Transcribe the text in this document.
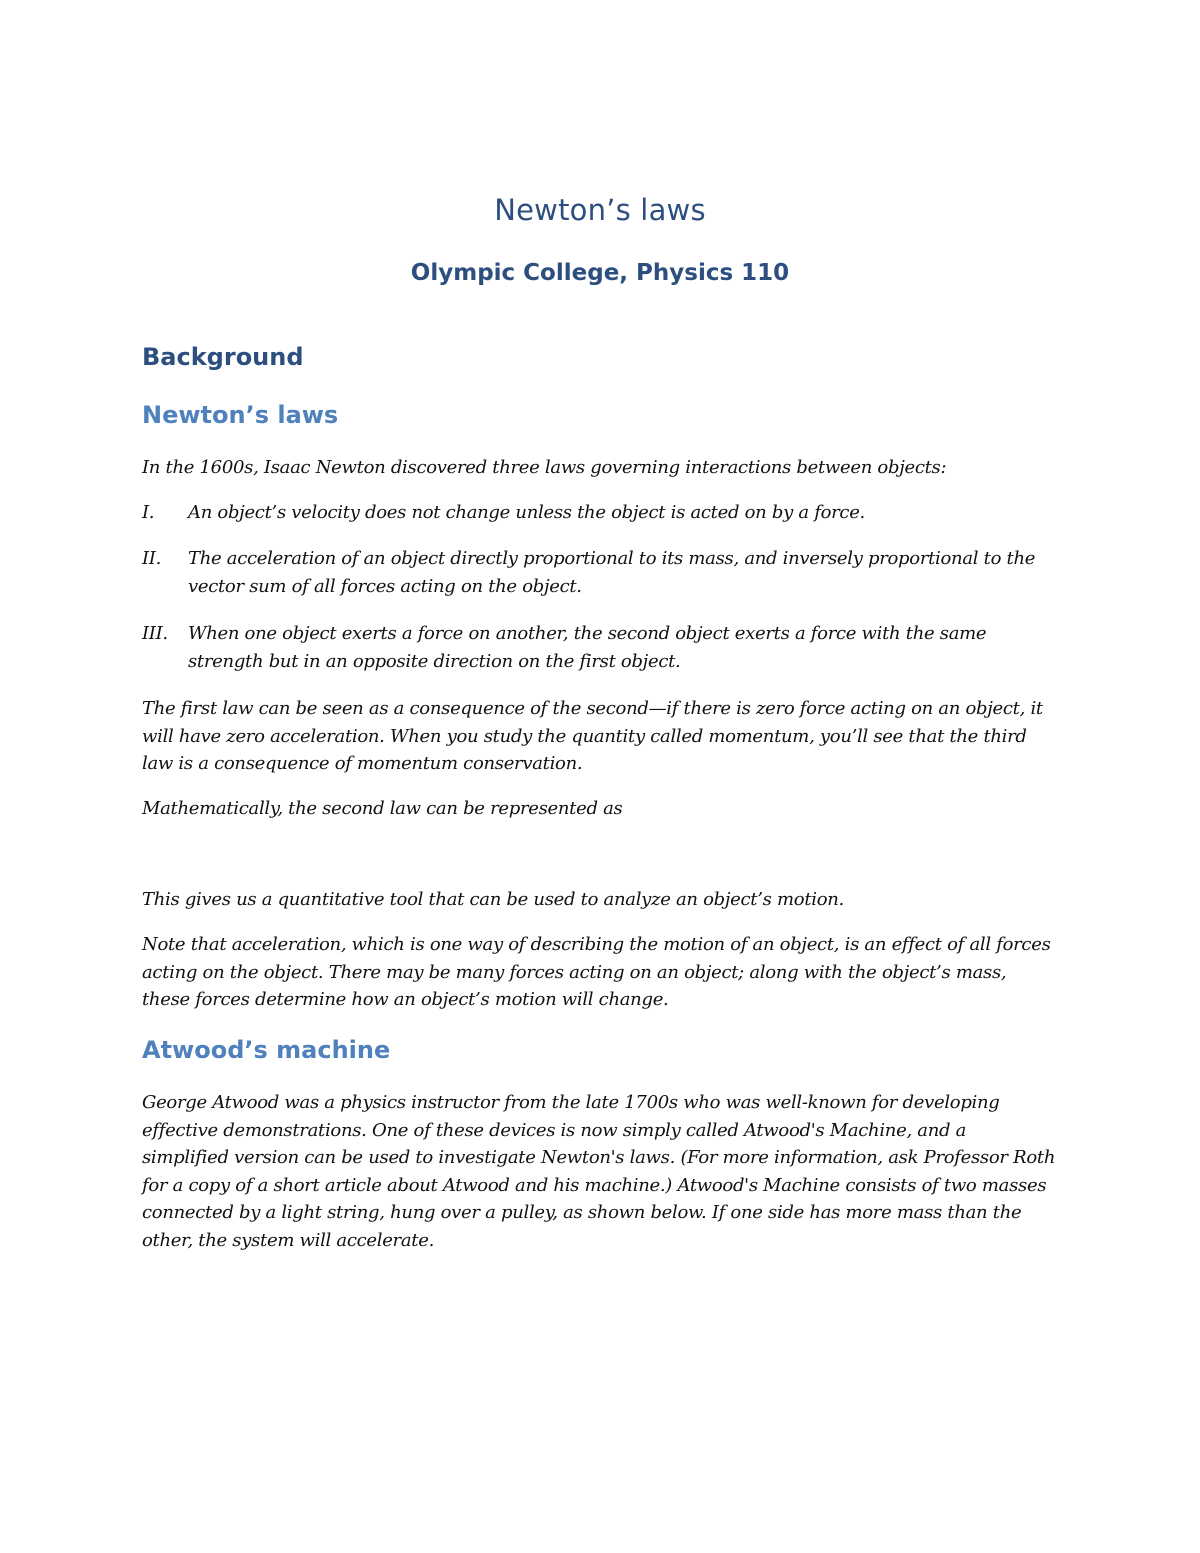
Newton’s laws
Olympic College, Physics 110
Background
Newton’s laws

In the 1600s, Isaac Newton discovered three laws governing interactions between objects:

I. An object’s velocity does not change unless the object is acted on by a force.
II. The acceleration of an object directly proportional to its mass, and inversely proportional to the vector sum of all forces acting on the object.
III. When one object exerts a force on another, the second object exerts a force with the same strength but in an opposite direction on the first object.

The first law can be seen as a consequence of the second—if there is zero force acting on an object, it will have zero acceleration. When you study the quantity called momentum, you’ll see that the third law is a consequence of momentum conservation.

Mathematically, the second law can be represented as

This gives us a quantitative tool that can be used to analyze an object’s motion.

Note that acceleration, which is one way of describing the motion of an object, is an effect of all forces acting on the object. There may be many forces acting on an object; along with the object’s mass, these forces determine how an object’s motion will change.

Atwood’s machine

George Atwood was a physics instructor from the late 1700s who was well-known for developing effective demonstrations. One of these devices is now simply called Atwood's Machine, and a simplified version can be used to investigate Newton's laws. (For more information, ask Professor Roth for a copy of a short article about Atwood and his machine.) Atwood's Machine consists of two masses connected by a light string, hung over a pulley, as shown below. If one side has more mass than the other, the system will accelerate.
